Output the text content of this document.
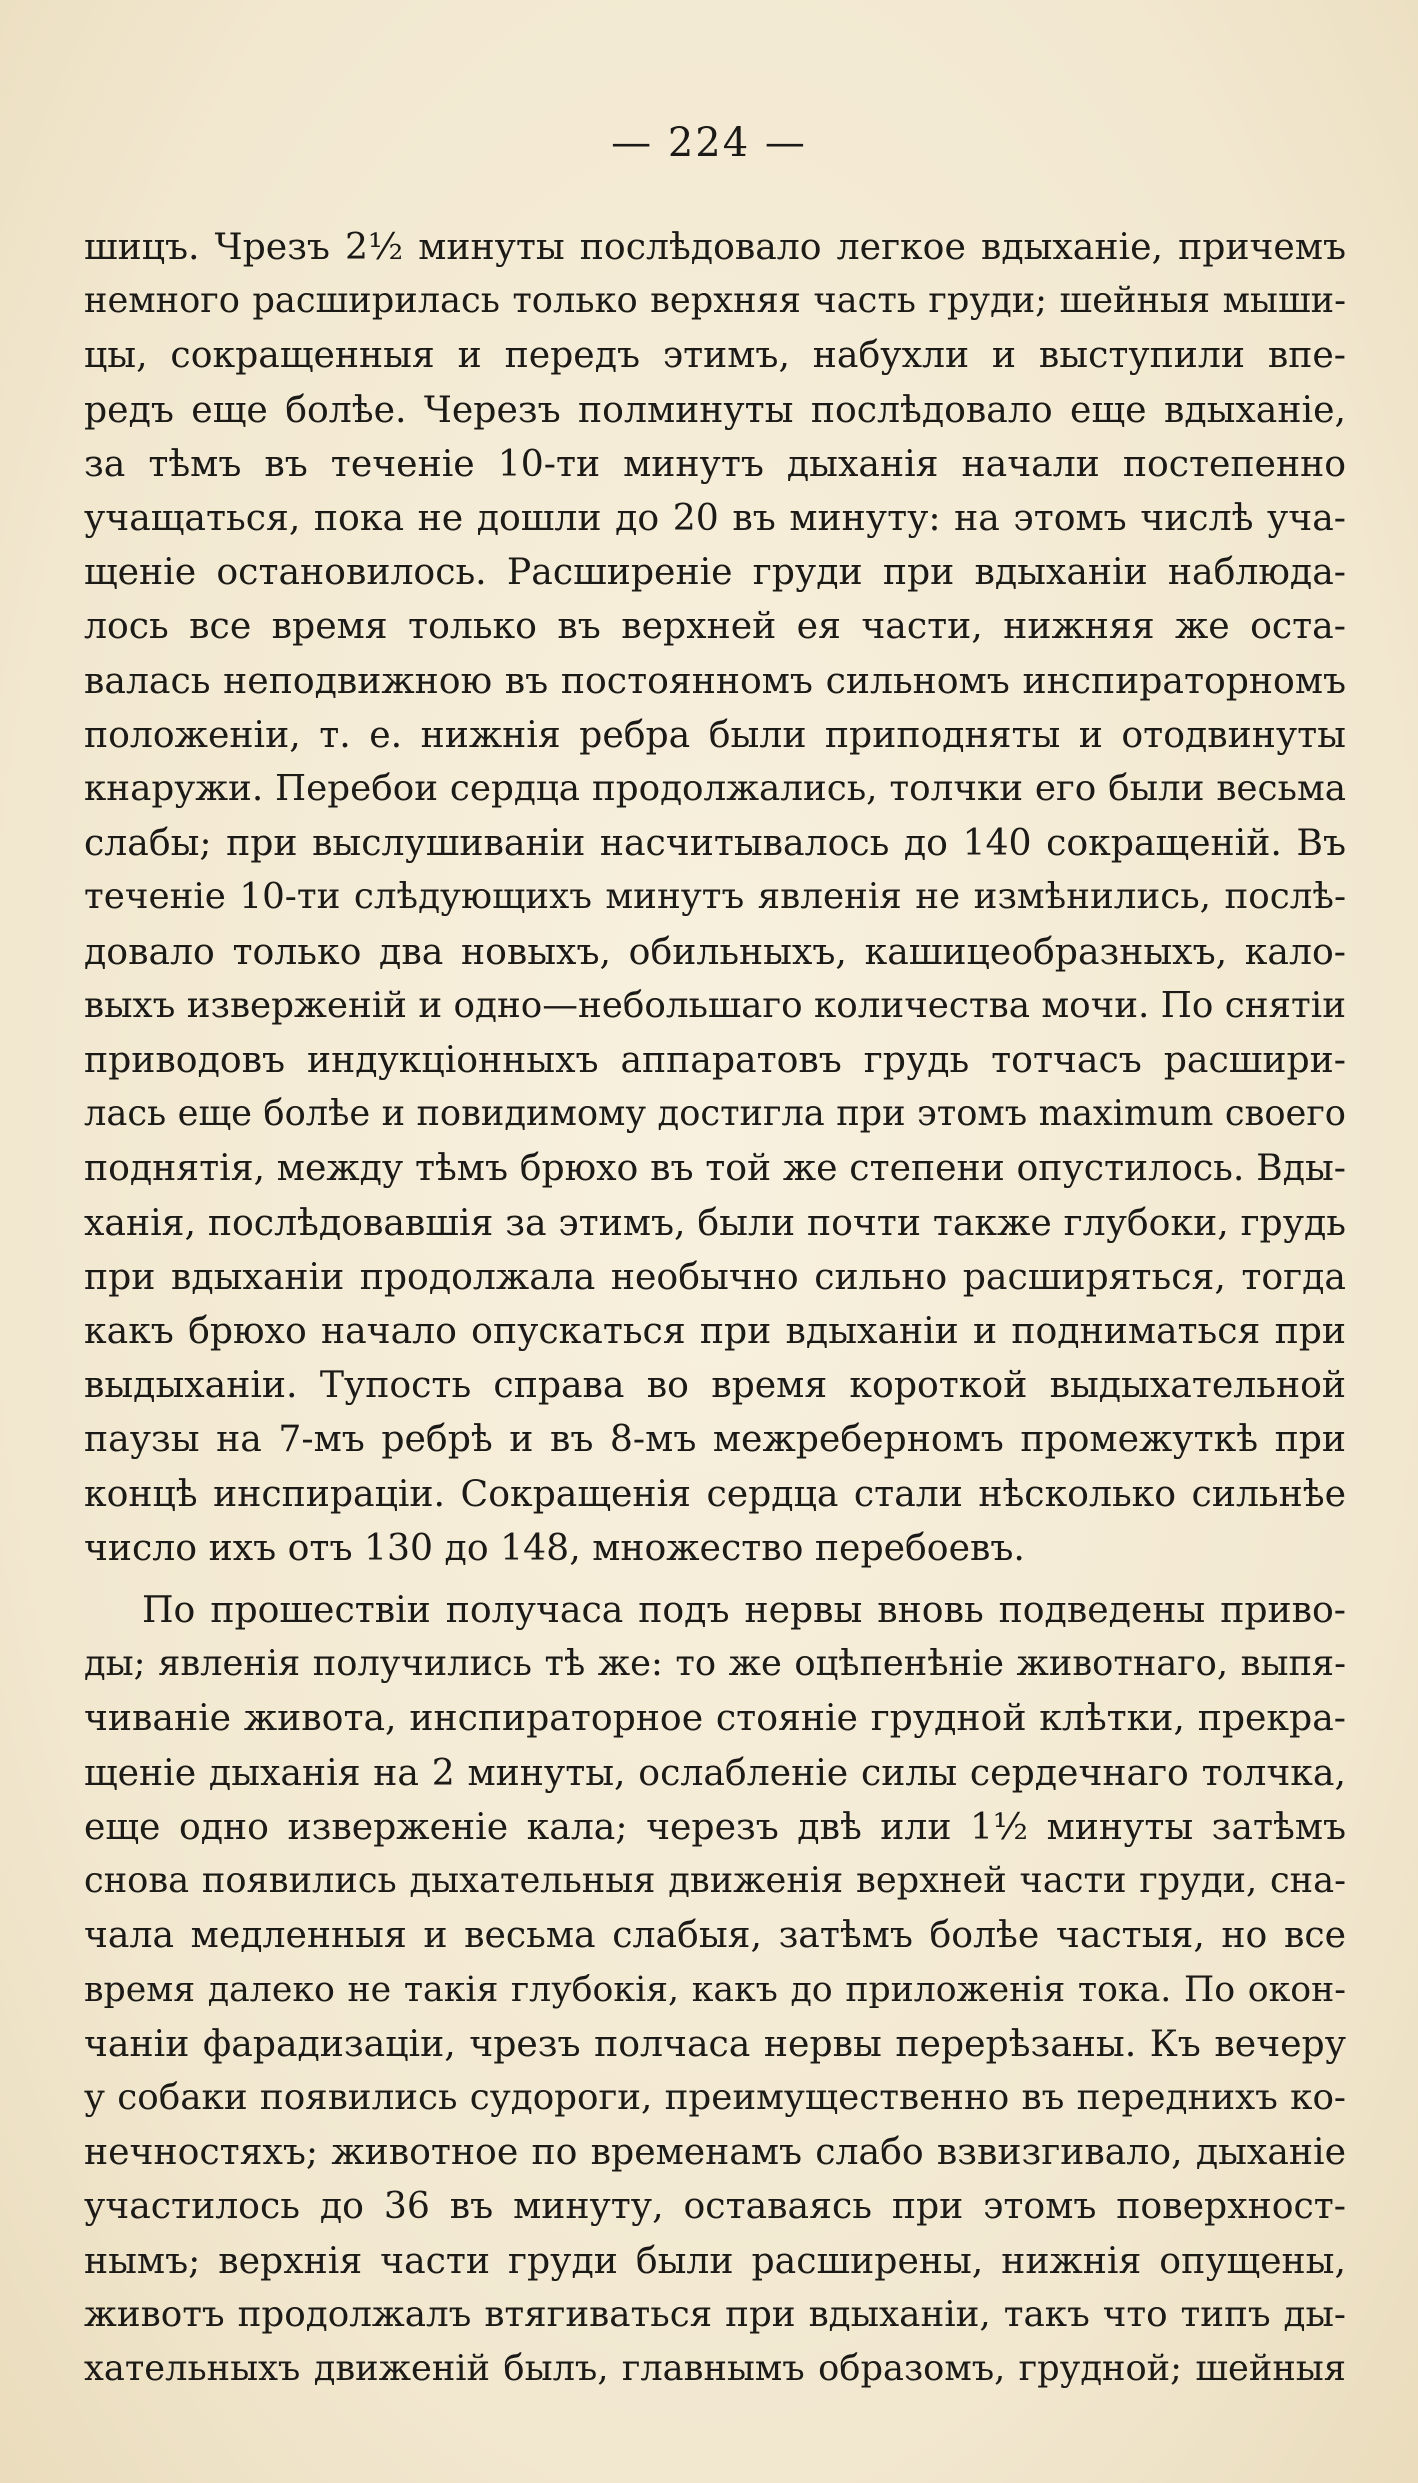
— 224 —

шицъ. Чрезъ 2½ минуты послѣдовало легкое вдыханіе, причемъ
немного расширилась только верхняя часть груди; шейныя мыши-
цы, сокращенныя и передъ этимъ, набухли и выступили впе-
редъ еще болѣе. Черезъ полминуты послѣдовало еще вдыханіе,
за тѣмъ въ теченіе 10-ти минутъ дыханія начали постепенно
учащаться, пока не дошли до 20 въ минуту: на этомъ числѣ уча-
щеніе остановилось. Расширеніе груди при вдыханіи наблюда-
лось все время только въ верхней ея части, нижняя же оста-
валась неподвижною въ постоянномъ сильномъ инспираторномъ
положеніи, т. е. нижнія ребра были приподняты и отодвинуты
кнаружи. Перебои сердца продолжались, толчки его были весьма
слабы; при выслушиваніи насчитывалось до 140 сокращеній. Въ
теченіе 10-ти слѣдующихъ минутъ явленія не измѣнились, послѣ-
довало только два новыхъ, обильныхъ, кашицеобразныхъ, кало-
выхъ изверженій и одно—небольшаго количества мочи. По снятіи
приводовъ индукціонныхъ аппаратовъ грудь тотчасъ расшири-
лась еще болѣе и повидимому достигла при этомъ maximum своего
поднятія, между тѣмъ брюхо въ той же степени опустилось. Вды-
ханія, послѣдовавшія за этимъ, были почти также глубоки, грудь
при вдыханіи продолжала необычно сильно расширяться, тогда
какъ брюхо начало опускаться при вдыханіи и подниматься при
выдыханіи. Тупость справа во время короткой выдыхательной
паузы на 7-мъ ребрѣ и въ 8-мъ межреберномъ промежуткѣ при
концѣ инспираціи. Сокращенія сердца стали нѣсколько сильнѣе
число ихъ отъ 130 до 148, множество перебоевъ.

По прошествіи получаса подъ нервы вновь подведены приво-
ды; явленія получились тѣ же: то же оцѣпенѣніе животнаго, выпя-
чиваніе живота, инспираторное стояніе грудной клѣтки, прекра-
щеніе дыханія на 2 минуты, ослабленіе силы сердечнаго толчка,
еще одно изверженіе кала; черезъ двѣ или 1½ минуты затѣмъ
снова появились дыхательныя движенія верхней части груди, сна-
чала медленныя и весьма слабыя, затѣмъ болѣе частыя, но все
время далеко не такія глубокія, какъ до приложенія тока. По окон-
чаніи фарадизаціи, чрезъ полчаса нервы перерѣзаны. Къ вечеру
у собаки появились судороги, преимущественно въ переднихъ ко-
нечностяхъ; животное по временамъ слабо взвизгивало, дыханіе
участилось до 36 въ минуту, оставаясь при этомъ поверхност-
нымъ; верхнія части груди были расширены, нижнія опущены,
животъ продолжалъ втягиваться при вдыханіи, такъ что типъ ды-
хательныхъ движеній былъ, главнымъ образомъ, грудной; шейныя
